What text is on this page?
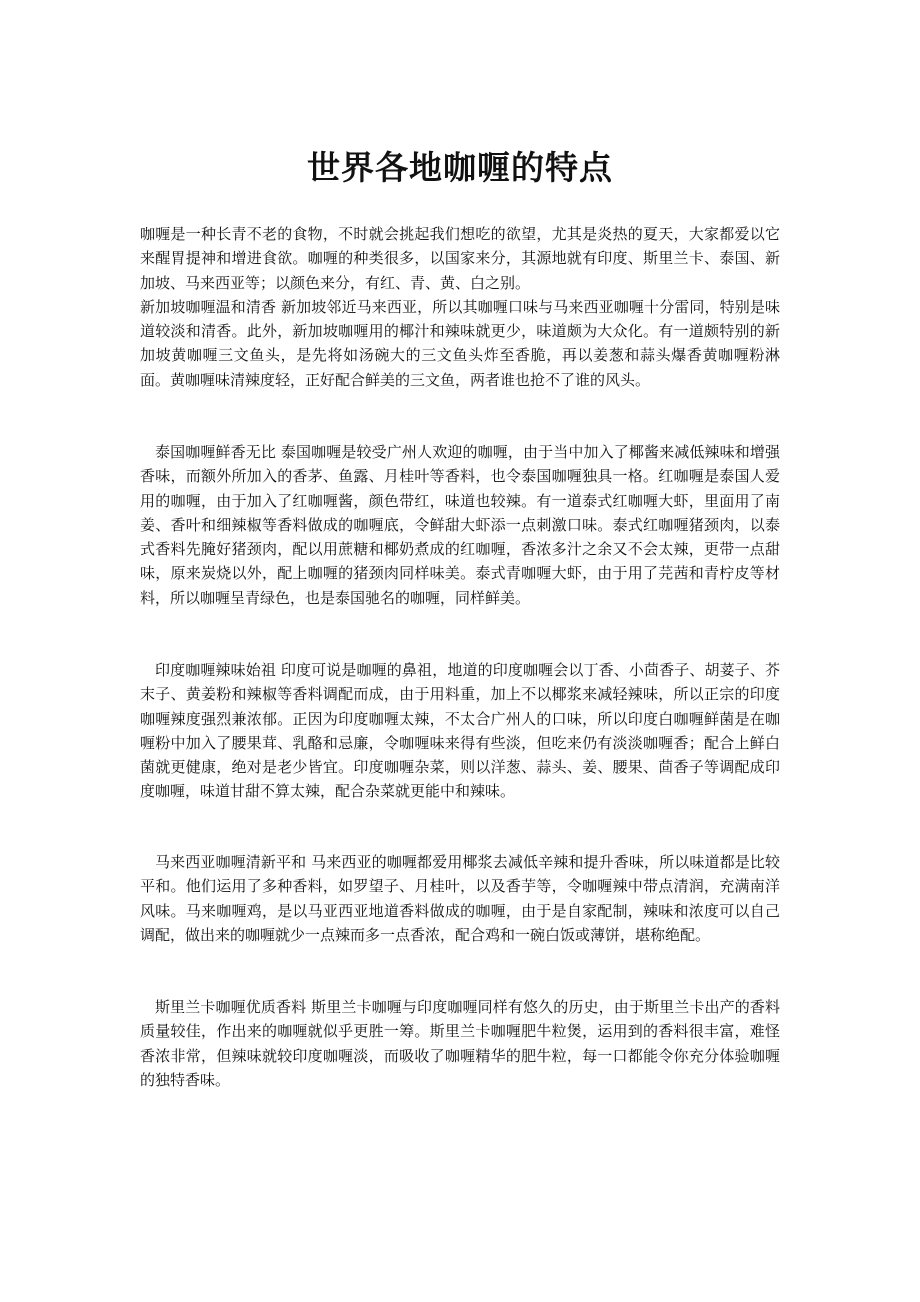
世界各地咖喱的特点

咖喱是一种长青不老的食物，不时就会挑起我们想吃的欲望，尤其是炎热的夏天，大家都爱以它来醒胃提神和增进食欲。咖喱的种类很多，以国家来分，其源地就有印度、斯里兰卡、泰国、新加坡、马来西亚等；以颜色来分，有红、青、黄、白之别。

新加坡咖喱温和清香 新加坡邻近马来西亚，所以其咖喱口味与马来西亚咖喱十分雷同，特别是味道较淡和清香。此外，新加坡咖喱用的椰汁和辣味就更少，味道颇为大众化。有一道颇特别的新加坡黄咖喱三文鱼头，是先将如汤碗大的三文鱼头炸至香脆，再以姜葱和蒜头爆香黄咖喱粉淋面。黄咖喱味清辣度轻，正好配合鲜美的三文鱼，两者谁也抢不了谁的风头。

泰国咖喱鲜香无比 泰国咖喱是较受广州人欢迎的咖喱，由于当中加入了椰酱来减低辣味和增强香味，而额外所加入的香茅、鱼露、月桂叶等香料，也令泰国咖喱独具一格。红咖喱是泰国人爱用的咖喱，由于加入了红咖喱酱，颜色带红，味道也较辣。有一道泰式红咖喱大虾，里面用了南姜、香叶和细辣椒等香料做成的咖喱底，令鲜甜大虾添一点刺激口味。泰式红咖喱猪颈肉，以泰式香料先腌好猪颈肉，配以用蔗糖和椰奶煮成的红咖喱，香浓多汁之余又不会太辣，更带一点甜味，原来炭烧以外，配上咖喱的猪颈肉同样味美。泰式青咖喱大虾，由于用了芫茜和青柠皮等材料，所以咖喱呈青绿色，也是泰国驰名的咖喱，同样鲜美。

印度咖喱辣味始祖 印度可说是咖喱的鼻祖，地道的印度咖喱会以丁香、小茴香子、胡荽子、芥末子、黄姜粉和辣椒等香料调配而成，由于用料重，加上不以椰浆来减轻辣味，所以正宗的印度咖喱辣度强烈兼浓郁。正因为印度咖喱太辣，不太合广州人的口味，所以印度白咖喱鲜菌是在咖喱粉中加入了腰果茸、乳酪和忌廉，令咖喱味来得有些淡，但吃来仍有淡淡咖喱香；配合上鲜白菌就更健康，绝对是老少皆宜。印度咖喱杂菜，则以洋葱、蒜头、姜、腰果、茴香子等调配成印度咖喱，味道甘甜不算太辣，配合杂菜就更能中和辣味。

马来西亚咖喱清新平和 马来西亚的咖喱都爱用椰浆去减低辛辣和提升香味，所以味道都是比较平和。他们运用了多种香料，如罗望子、月桂叶，以及香芋等，令咖喱辣中带点清润，充满南洋风味。马来咖喱鸡，是以马亚西亚地道香料做成的咖喱，由于是自家配制，辣味和浓度可以自己调配，做出来的咖喱就少一点辣而多一点香浓，配合鸡和一碗白饭或薄饼，堪称绝配。

斯里兰卡咖喱优质香料 斯里兰卡咖喱与印度咖喱同样有悠久的历史，由于斯里兰卡出产的香料质量较佳，作出来的咖喱就似乎更胜一筹。斯里兰卡咖喱肥牛粒煲，运用到的香料很丰富，难怪香浓非常，但辣味就较印度咖喱淡，而吸收了咖喱精华的肥牛粒，每一口都能令你充分体验咖喱的独特香味。
